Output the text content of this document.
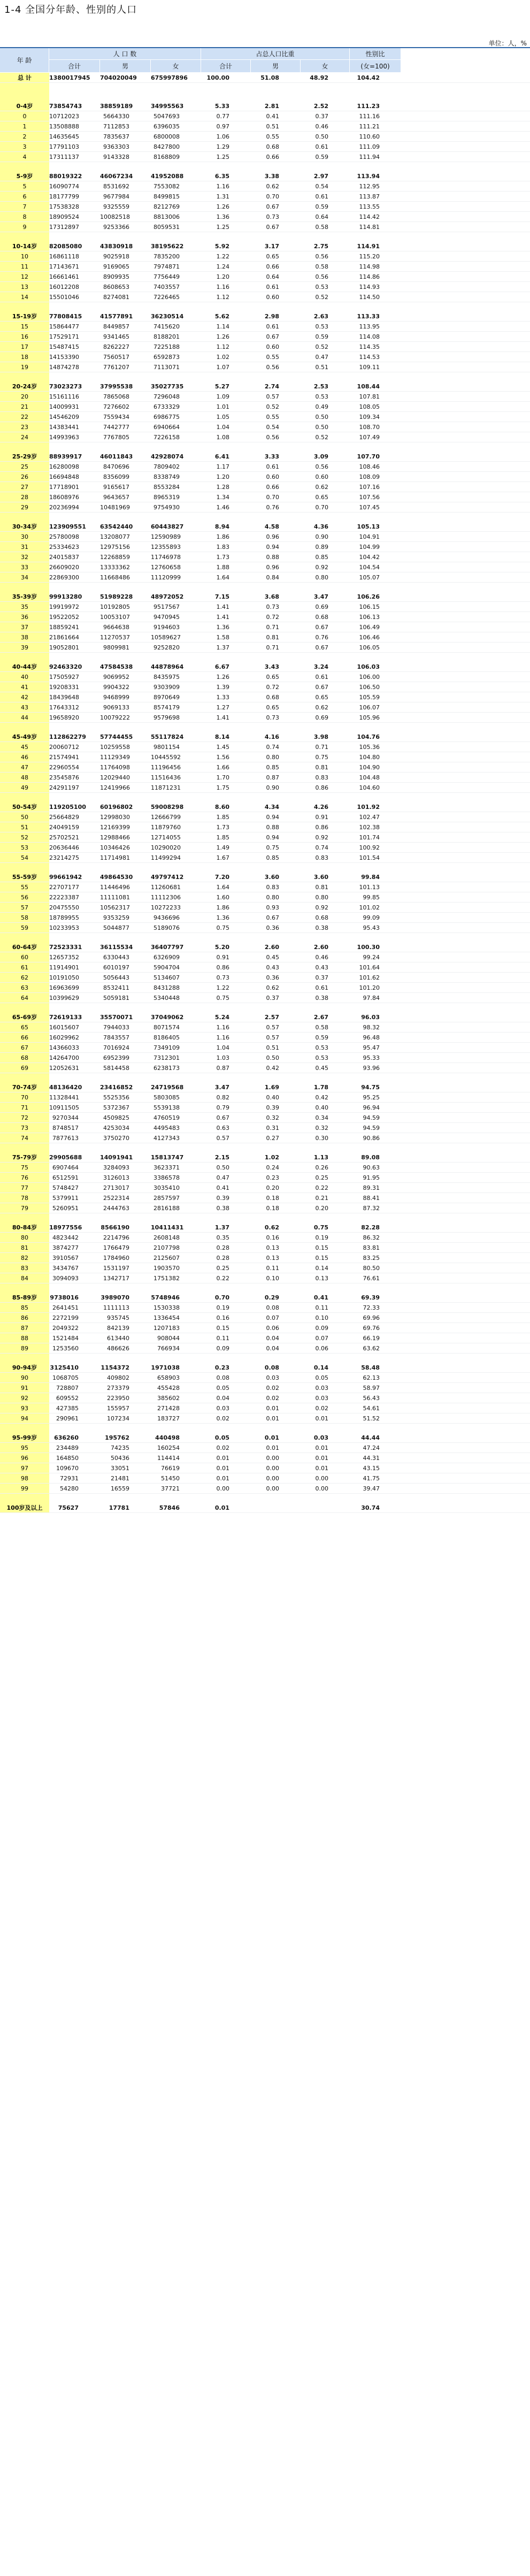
1-4 全国分年龄、性别的人口
单位：人，%
年 龄
人 口 数
合计	男	女
占总人口比重
合计	男	女
性别比
(女=100)
总 计	1380017945	704020049	675997896	100.00	51.08	48.92	104.42	

0-4岁	73854743	38859189	34995563	5.33	2.81	2.52	111.23	
0	10712023	5664330	5047693	0.77	0.41	0.37	111.16	
1	13508888	7112853	6396035	0.97	0.51	0.46	111.21	
2	14635645	7835637	6800008	1.06	0.55	0.50	110.60	
3	17791103	9363303	8427800	1.29	0.68	0.61	111.09	
4	17311137	9143328	8168809	1.25	0.66	0.59	111.94	

5-9岁	88019322	46067234	41952088	6.35	3.38	2.97	113.94	
5	16090774	8531692	7553082	1.16	0.62	0.54	112.95	
6	18177799	9677984	8499815	1.31	0.70	0.61	113.87	
7	17538328	9325559	8212769	1.26	0.67	0.59	113.55	
8	18909524	10082518	8813006	1.36	0.73	0.64	114.42	
9	17312897	9253366	8059531	1.25	0.67	0.58	114.81	

10-14岁	82085080	43830918	38195622	5.92	3.17	2.75	114.91	
10	16861118	9025918	7835200	1.22	0.65	0.56	115.20	
11	17143671	9169065	7974871	1.24	0.66	0.58	114.98	
12	16661461	8909935	7756449	1.20	0.64	0.56	114.86	
13	16012208	8608653	7403557	1.16	0.61	0.53	114.93	
14	15501046	8274081	7226465	1.12	0.60	0.52	114.50	

15-19岁	77808415	41577891	36230514	5.62	2.98	2.63	113.33	
15	15864477	8449857	7415620	1.14	0.61	0.53	113.95	
16	17529171	9341465	8188201	1.26	0.67	0.59	114.08	
17	15487415	8262227	7225188	1.12	0.60	0.52	114.35	
18	14153390	7560517	6592873	1.02	0.55	0.47	114.53	
19	14874278	7761207	7113071	1.07	0.56	0.51	109.11	

20-24岁	73023273	37995538	35027735	5.27	2.74	2.53	108.44	
20	15161116	7865068	7296048	1.09	0.57	0.53	107.81	
21	14009931	7276602	6733329	1.01	0.52	0.49	108.05	
22	14546209	7559434	6986775	1.05	0.55	0.50	109.34	
23	14383441	7442777	6940664	1.04	0.54	0.50	108.70	
24	14993963	7767805	7226158	1.08	0.56	0.52	107.49	

25-29岁	88939917	46011843	42928074	6.41	3.33	3.09	107.70	
25	16280098	8470696	7809402	1.17	0.61	0.56	108.46	
26	16694848	8356099	8338749	1.20	0.60	0.60	108.09	
27	17718901	9165617	8553284	1.28	0.66	0.62	107.16	
28	18608976	9643657	8965319	1.34	0.70	0.65	107.56	
29	20236994	10481969	9754930	1.46	0.76	0.70	107.45	

30-34岁	123909551	63542440	60443827	8.94	4.58	4.36	105.13	
30	25780098	13208077	12590989	1.86	0.96	0.90	104.91	
31	25334623	12975156	12355893	1.83	0.94	0.89	104.99	
32	24015837	12268859	11746978	1.73	0.88	0.85	104.42	
33	26609020	13333362	12760658	1.88	0.96	0.92	104.54	
34	22869300	11668486	11120999	1.64	0.84	0.80	105.07	

35-39岁	99913280	51989228	48972052	7.15	3.68	3.47	106.26	
35	19919972	10192805	9517567	1.41	0.73	0.69	106.15	
36	19522052	10053107	9470945	1.41	0.72	0.68	106.13	
37	18859241	9664638	9194603	1.36	0.71	0.67	106.49	
38	21861664	11270537	10589627	1.58	0.81	0.76	106.46	
39	19052801	9809981	9252820	1.37	0.71	0.67	106.05	

40-44岁	92463320	47584538	44878964	6.67	3.43	3.24	106.03	
40	17505927	9069952	8435975	1.26	0.65	0.61	106.00	
41	19208331	9904322	9303909	1.39	0.72	0.67	106.50	
42	18439648	9468999	8970649	1.33	0.68	0.65	105.59	
43	17643312	9069133	8574179	1.27	0.65	0.62	106.07	
44	19658920	10079222	9579698	1.41	0.73	0.69	105.96	

45-49岁	112862279	57744455	55117824	8.14	4.16	3.98	104.76	
45	20060712	10259558	9801154	1.45	0.74	0.71	105.36	
46	21574941	11129349	10445592	1.56	0.80	0.75	104.80	
47	22960554	11764098	11196456	1.66	0.85	0.81	104.90	
48	23545876	12029440	11516436	1.70	0.87	0.83	104.48	
49	24291197	12419966	11871231	1.75	0.90	0.86	104.60	

50-54岁	119205100	60196802	59008298	8.60	4.34	4.26	101.92	
50	25664829	12998030	12666799	1.85	0.94	0.91	102.47	
51	24049159	12169399	11879760	1.73	0.88	0.86	102.38	
52	25702521	12988466	12714055	1.85	0.94	0.92	101.74	
53	20636446	10346426	10290020	1.49	0.75	0.74	100.92	
54	23214275	11714981	11499294	1.67	0.85	0.83	101.54	

55-59岁	99661942	49864530	49797412	7.20	3.60	3.60	99.84	
55	22707177	11446496	11260681	1.64	0.83	0.81	101.13	
56	22223387	11111081	11112306	1.60	0.80	0.80	99.85	
57	20475550	10562317	10272233	1.86	0.93	0.92	101.02	
58	18789955	9353259	9436696	1.36	0.67	0.68	99.09	
59	10233953	5044877	5189076	0.75	0.36	0.38	95.43	

60-64岁	72523331	36115534	36407797	5.20	2.60	2.60	100.30	
60	12657352	6330443	6326909	0.91	0.45	0.46	99.24	
61	11914901	6010197	5904704	0.86	0.43	0.43	101.64	
62	10191050	5056443	5134607	0.73	0.36	0.37	101.62	
63	16963699	8532411	8431288	1.22	0.62	0.61	101.20	
64	10399629	5059181	5340448	0.75	0.37	0.38	97.84	

65-69岁	72619133	35570071	37049062	5.24	2.57	2.67	96.03	
65	16015607	7944033	8071574	1.16	0.57	0.58	98.32	
66	16029962	7843557	8186405	1.16	0.57	0.59	96.48	
67	14366033	7016924	7349109	1.04	0.51	0.53	95.47	
68	14264700	6952399	7312301	1.03	0.50	0.53	95.33	
69	12052631	5814458	6238173	0.87	0.42	0.45	93.96	

70-74岁	48136420	23416852	24719568	3.47	1.69	1.78	94.75	
70	11328441	5525356	5803085	0.82	0.40	0.42	95.25	
71	10911505	5372367	5539138	0.79	0.39	0.40	96.94	
72	9270344	4509825	4760519	0.67	0.32	0.34	94.59	
73	8748517	4253034	4495483	0.63	0.31	0.32	94.59	
74	7877613	3750270	4127343	0.57	0.27	0.30	90.86	

75-79岁	29905688	14091941	15813747	2.15	1.02	1.13	89.08	
75	6907464	3284093	3623371	0.50	0.24	0.26	90.63	
76	6512591	3126013	3386578	0.47	0.23	0.25	91.95	
77	5748427	2713017	3035410	0.41	0.20	0.22	89.31	
78	5379911	2522314	2857597	0.39	0.18	0.21	88.41	
79	5260951	2444763	2816188	0.38	0.18	0.20	87.32	

80-84岁	18977556	8566190	10411431	1.37	0.62	0.75	82.28	
80	4823442	2214796	2608148	0.35	0.16	0.19	86.32	
81	3874277	1766479	2107798	0.28	0.13	0.15	83.81	
82	3910567	1784960	2125607	0.28	0.13	0.15	83.25	
83	3434767	1531197	1903570	0.25	0.11	0.14	80.50	
84	3094093	1342717	1751382	0.22	0.10	0.13	76.61	

85-89岁	9738016	3989070	5748946	0.70	0.29	0.41	69.39	
85	2641451	1111113	1530338	0.19	0.08	0.11	72.33	
86	2272199	935745	1336454	0.16	0.07	0.10	69.96	
87	2049322	842139	1207183	0.15	0.06	0.09	69.76	
88	1521484	613440	908044	0.11	0.04	0.07	66.19	
89	1253560	486626	766934	0.09	0.04	0.06	63.62	

90-94岁	3125410	1154372	1971038	0.23	0.08	0.14	58.48	
90	1068705	409802	658903	0.08	0.03	0.05	62.13	
91	728807	273379	455428	0.05	0.02	0.03	58.97	
92	609552	223950	385602	0.04	0.02	0.03	56.43	
93	427385	155957	271428	0.03	0.01	0.02	54.61	
94	290961	107234	183727	0.02	0.01	0.01	51.52	

95-99岁	636260	195762	440498	0.05	0.01	0.03	44.44	
95	234489	74235	160254	0.02	0.01	0.01	47.24	
96	164850	50436	114414	0.01	0.00	0.01	44.31	
97	109670	33051	76619	0.01	0.00	0.01	43.15	
98	72931	21481	51450	0.01	0.00	0.00	41.75	
99	54280	16559	37721	0.00	0.00	0.00	39.47	

100岁及以上	75627	17781	57846	0.01			30.74	
